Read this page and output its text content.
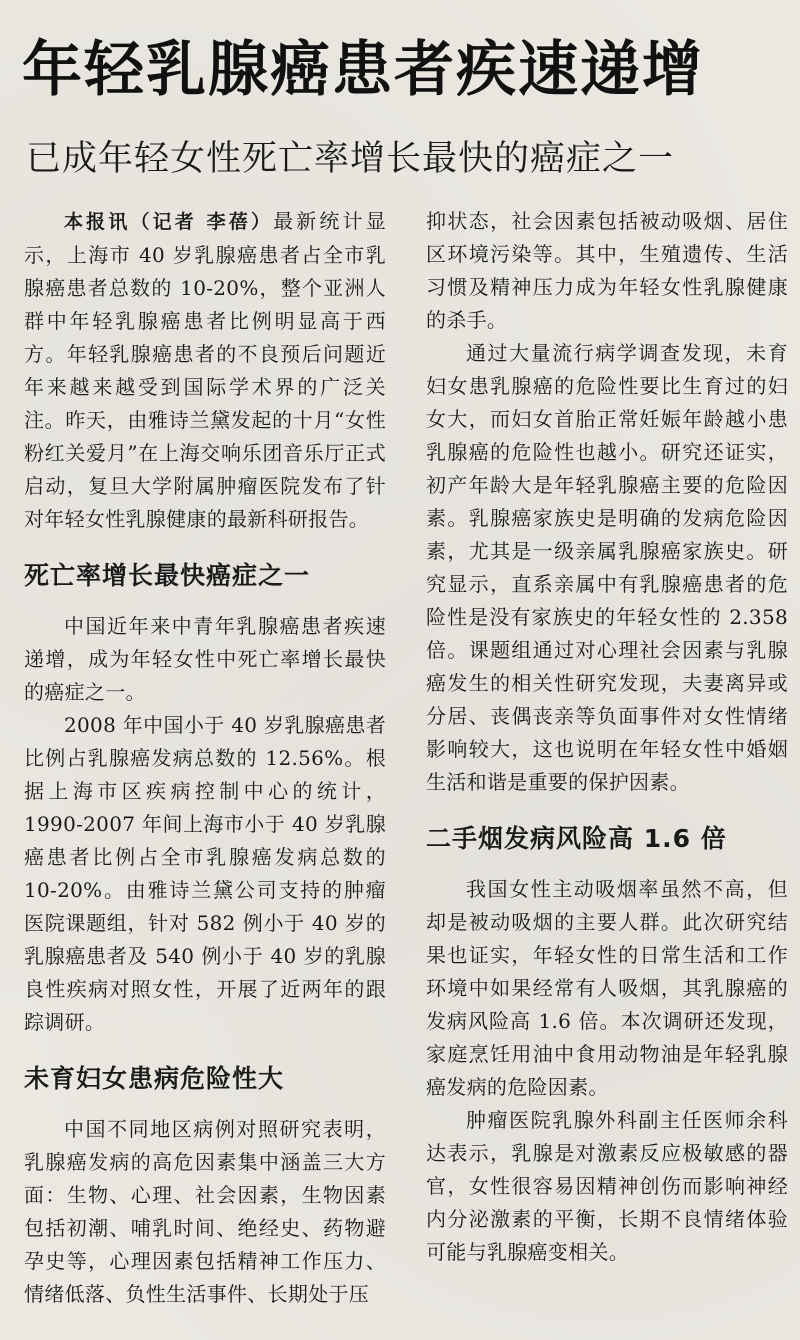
年轻乳腺癌患者疾速递增
已成年轻女性死亡率增长最快的癌症之一

本报讯（记者 李蓓）最新统计显示，上海市 40 岁乳腺癌患者占全市乳腺癌患者总数的 10-20%，整个亚洲人群中年轻乳腺癌患者比例明显高于西方。年轻乳腺癌患者的不良预后问题近年来越来越受到国际学术界的广泛关注。昨天，由雅诗兰黛发起的十月“女性粉红关爱月”在上海交响乐团音乐厅正式启动，复旦大学附属肿瘤医院发布了针对年轻女性乳腺健康的最新科研报告。

死亡率增长最快癌症之一

中国近年来中青年乳腺癌患者疾速递增，成为年轻女性中死亡率增长最快的癌症之一。

2008 年中国小于 40 岁乳腺癌患者比例占乳腺癌发病总数的 12.56%。根据上海市区疾病控制中心的统计，1990-2007 年间上海市小于 40 岁乳腺癌患者比例占全市乳腺癌发病总数的 10-20%。由雅诗兰黛公司支持的肿瘤医院课题组，针对 582 例小于 40 岁的乳腺癌患者及 540 例小于 40 岁的乳腺良性疾病对照女性，开展了近两年的跟踪调研。

未育妇女患病危险性大

中国不同地区病例对照研究表明，乳腺癌发病的高危因素集中涵盖三大方面：生物、心理、社会因素，生物因素包括初潮、哺乳时间、绝经史、药物避孕史等，心理因素包括精神工作压力、情绪低落、负性生活事件、长期处于压

抑状态，社会因素包括被动吸烟、居住区环境污染等。其中，生殖遗传、生活习惯及精神压力成为年轻女性乳腺健康的杀手。

通过大量流行病学调查发现，未育妇女患乳腺癌的危险性要比生育过的妇女大，而妇女首胎正常妊娠年龄越小患乳腺癌的危险性也越小。研究还证实，初产年龄大是年轻乳腺癌主要的危险因素。乳腺癌家族史是明确的发病危险因素，尤其是一级亲属乳腺癌家族史。研究显示，直系亲属中有乳腺癌患者的危险性是没有家族史的年轻女性的 2.358 倍。课题组通过对心理社会因素与乳腺癌发生的相关性研究发现，夫妻离异或分居、丧偶丧亲等负面事件对女性情绪影响较大，这也说明在年轻女性中婚姻生活和谐是重要的保护因素。

二手烟发病风险高 1.6 倍

我国女性主动吸烟率虽然不高，但却是被动吸烟的主要人群。此次研究结果也证实，年轻女性的日常生活和工作环境中如果经常有人吸烟，其乳腺癌的发病风险高 1.6 倍。本次调研还发现，家庭烹饪用油中食用动物油是年轻乳腺癌发病的危险因素。

肿瘤医院乳腺外科副主任医师余科达表示，乳腺是对激素反应极敏感的器官，女性很容易因精神创伤而影响神经内分泌激素的平衡，长期不良情绪体验可能与乳腺癌变相关。
